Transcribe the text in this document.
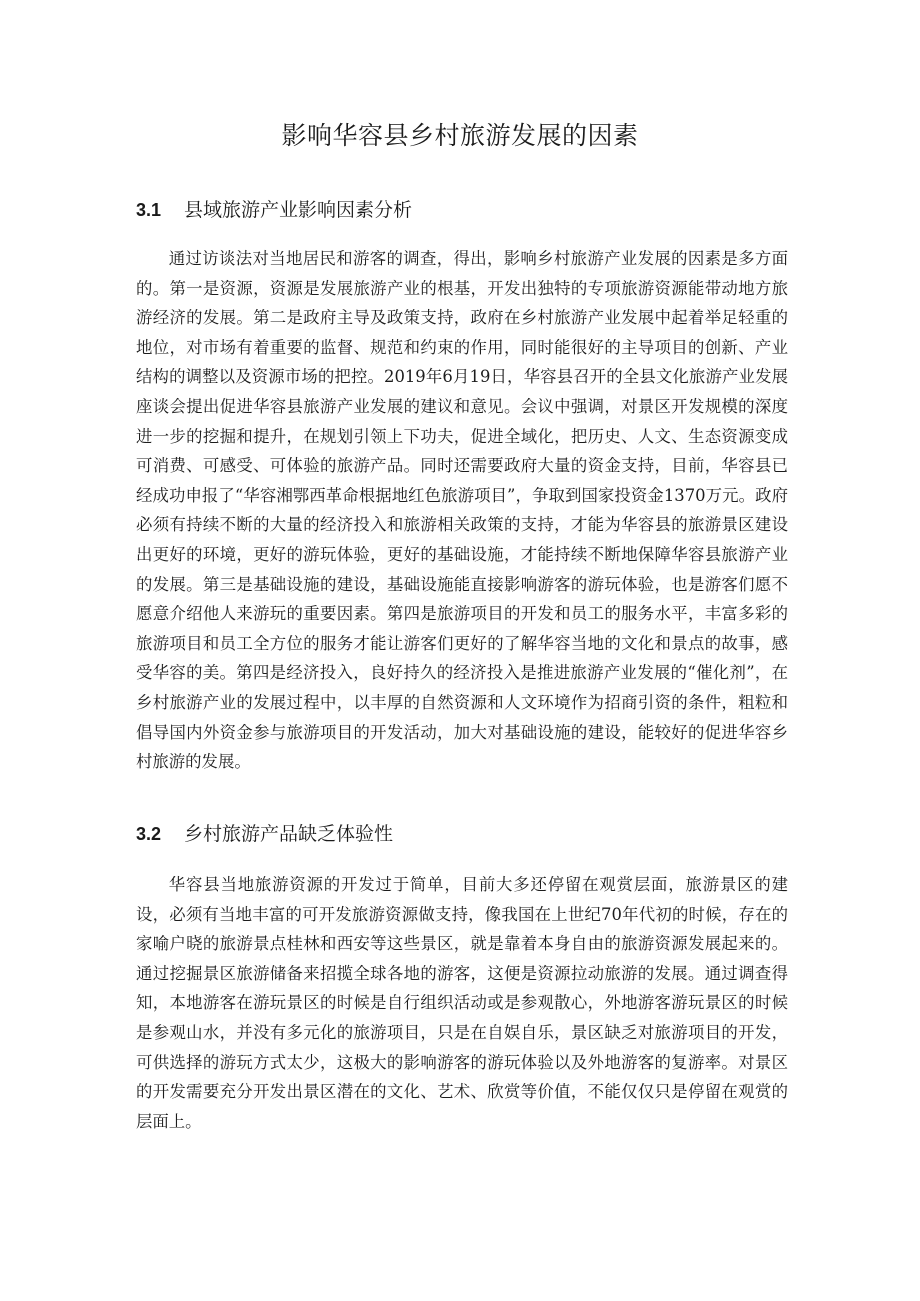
影响华容县乡村旅游发展的因素
3.1 县域旅游产业影响因素分析

通过访谈法对当地居民和游客的调查，得出，影响乡村旅游产业发展的因素是多方面的。第一是资源，资源是发展旅游产业的根基，开发出独特的专项旅游资源能带动地方旅游经济的发展。第二是政府主导及政策支持，政府在乡村旅游产业发展中起着举足轻重的地位，对市场有着重要的监督、规范和约束的作用，同时能很好的主导项目的创新、产业结构的调整以及资源市场的把控。2019年6月19日，华容县召开的全县文化旅游产业发展座谈会提出促进华容县旅游产业发展的建议和意见。会议中强调，对景区开发规模的深度进一步的挖掘和提升，在规划引领上下功夫，促进全域化，把历史、人文、生态资源变成可消费、可感受、可体验的旅游产品。同时还需要政府大量的资金支持，目前，华容县已经成功申报了“华容湘鄂西革命根据地红色旅游项目”，争取到国家投资金1370万元。政府必须有持续不断的大量的经济投入和旅游相关政策的支持，才能为华容县的旅游景区建设出更好的环境，更好的游玩体验，更好的基础设施，才能持续不断地保障华容县旅游产业的发展。第三是基础设施的建设，基础设施能直接影响游客的游玩体验，也是游客们愿不愿意介绍他人来游玩的重要因素。第四是旅游项目的开发和员工的服务水平，丰富多彩的旅游项目和员工全方位的服务才能让游客们更好的了解华容当地的文化和景点的故事，感受华容的美。第四是经济投入，良好持久的经济投入是推进旅游产业发展的“催化剂”，在乡村旅游产业的发展过程中，以丰厚的自然资源和人文环境作为招商引资的条件，粗粒和倡导国内外资金参与旅游项目的开发活动，加大对基础设施的建设，能较好的促进华容乡村旅游的发展。

3.2 乡村旅游产品缺乏体验性

华容县当地旅游资源的开发过于简单，目前大多还停留在观赏层面，旅游景区的建设，必须有当地丰富的可开发旅游资源做支持，像我国在上世纪70年代初的时候，存在的家喻户晓的旅游景点桂林和西安等这些景区，就是靠着本身自由的旅游资源发展起来的。通过挖掘景区旅游储备来招揽全球各地的游客，这便是资源拉动旅游的发展。通过调查得知，本地游客在游玩景区的时候是自行组织活动或是参观散心，外地游客游玩景区的时候是参观山水，并没有多元化的旅游项目，只是在自娱自乐，景区缺乏对旅游项目的开发，可供选择的游玩方式太少，这极大的影响游客的游玩体验以及外地游客的复游率。对景区的开发需要充分开发出景区潜在的文化、艺术、欣赏等价值，不能仅仅只是停留在观赏的层面上。
